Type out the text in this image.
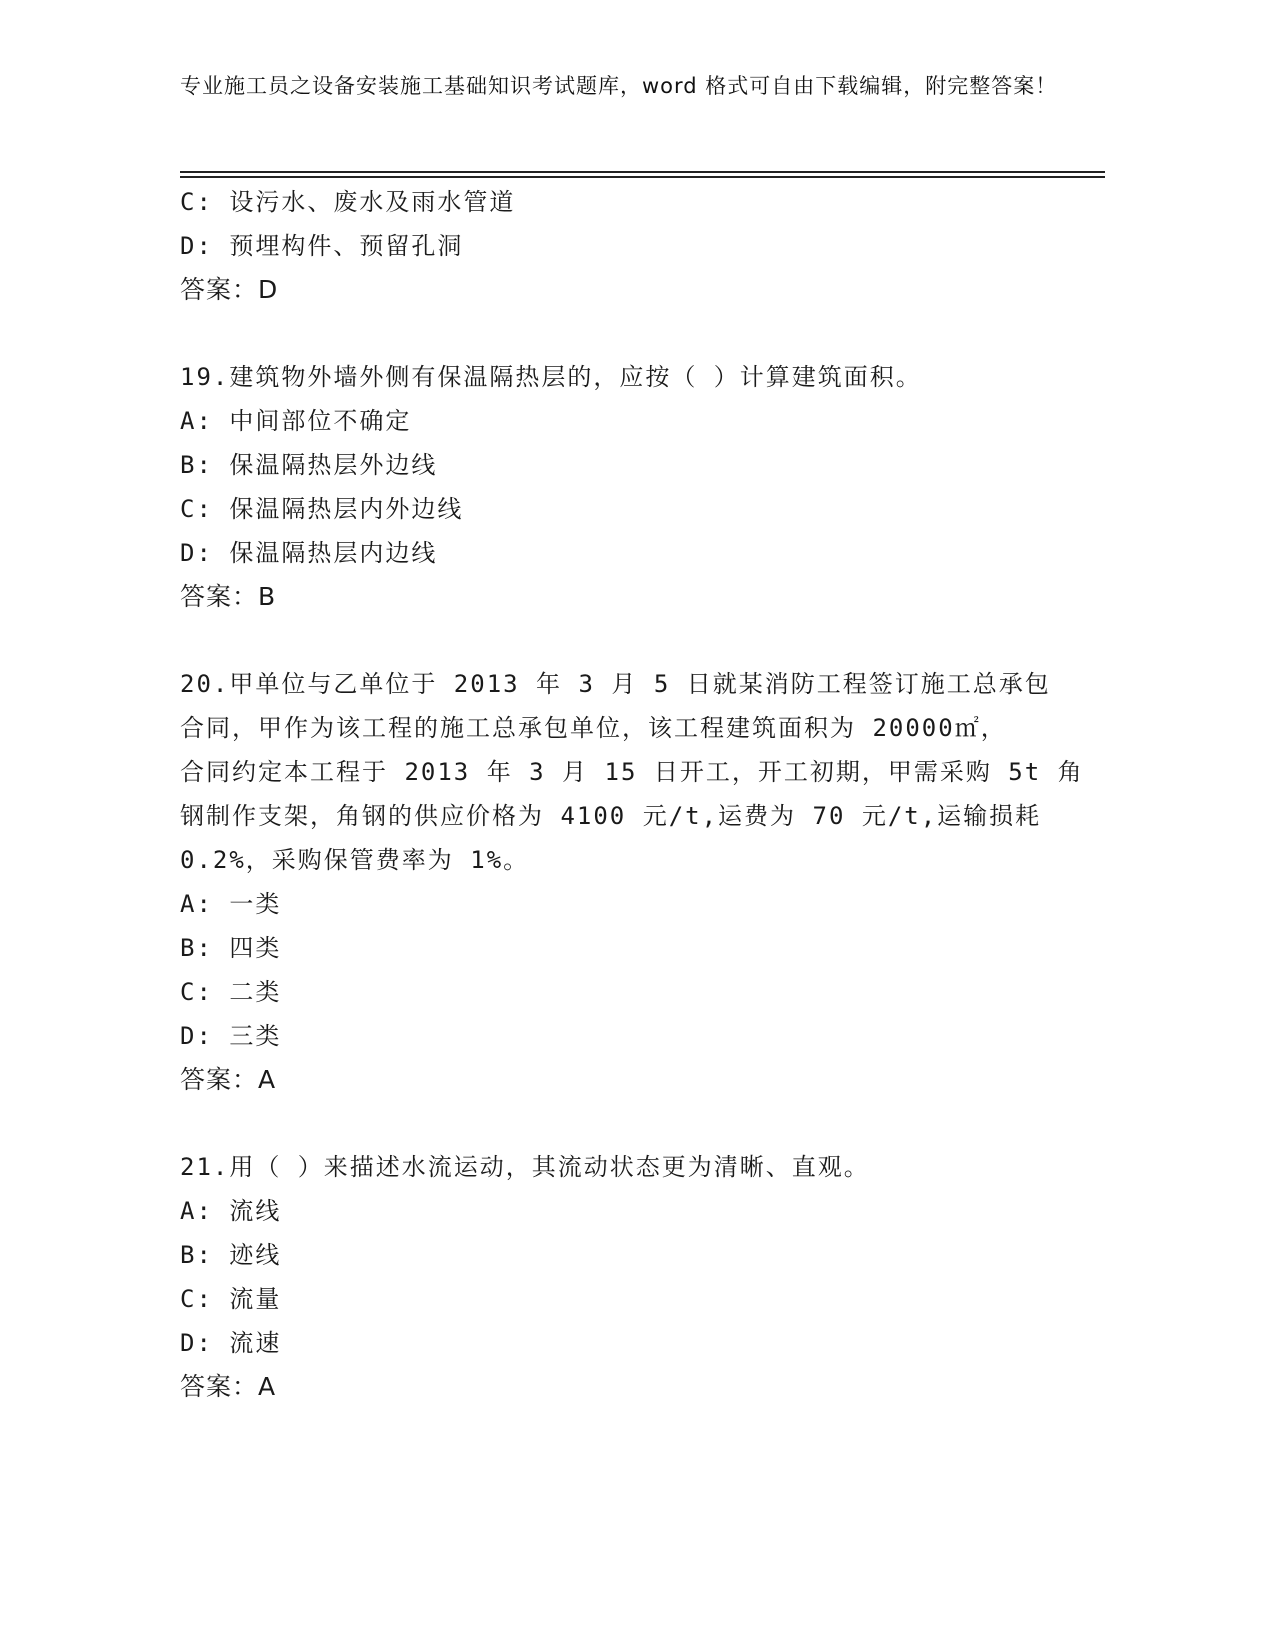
专业施工员之设备安装施工基础知识考试题库，word 格式可自由下载编辑，附完整答案！
C: 设污水、废水及雨水管道
D: 预埋构件、预留孔洞
答案：D
19.建筑物外墙外侧有保温隔热层的，应按（ ）计算建筑面积。
A: 中间部位不确定
B: 保温隔热层外边线
C: 保温隔热层内外边线
D: 保温隔热层内边线
答案：B
20.甲单位与乙单位于 2013 年 3 月 5 日就某消防工程签订施工总承包
合同，甲作为该工程的施工总承包单位，该工程建筑面积为 20000㎡，
合同约定本工程于 2013 年 3 月 15 日开工，开工初期，甲需采购 5t 角
钢制作支架，角钢的供应价格为 4100 元/t,运费为 70 元/t,运输损耗
0.2%，采购保管费率为 1%。
A: 一类
B: 四类
C: 二类
D: 三类
答案：A
21.用（ ）来描述水流运动，其流动状态更为清晰、直观。
A: 流线
B: 迹线
C: 流量
D: 流速
答案：A
